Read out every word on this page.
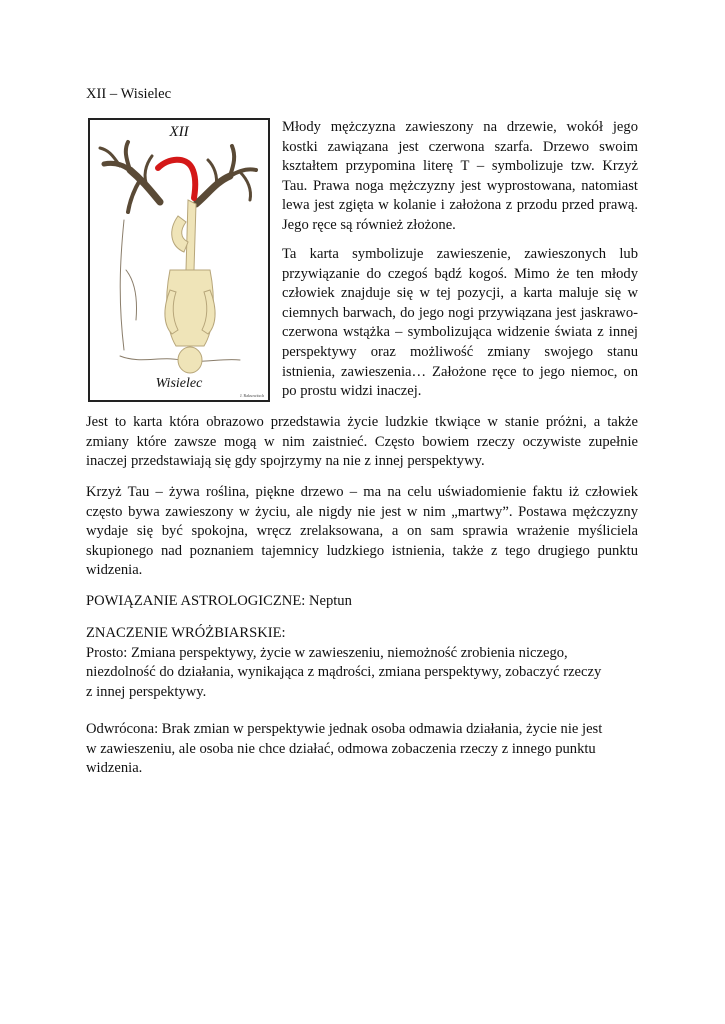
XII – Wisielec
XII
Wisielec
J. Raksowitsch

Młody mężczyzna zawieszony na drzewie, wokół jego kostki zawiązana jest czerwona szarfa. Drzewo swoim kształtem przypomina literę T – symbolizuje tzw. Krzyż Tau. Prawa noga mężczyzny jest wyprostowana, natomiast lewa jest zgięta w kolanie i założona z przodu przed prawą. Jego ręce są również złożone.

Ta karta symbolizuje zawieszenie, zawieszonych lub przywiązanie do czegoś bądź kogoś. Mimo że ten młody człowiek znajduje się w tej pozycji, a karta maluje się w ciemnych barwach, do jego nogi przywiązana jest jaskrawo-czerwona wstążka – symbolizująca widzenie świata z innej perspektywy oraz możliwość zmiany swojego stanu istnienia, zawieszenia… Założone ręce to jego niemoc, on po prostu widzi inaczej.

Jest to karta która obrazowo przedstawia życie ludzkie tkwiące w stanie próżni, a także zmiany które zawsze mogą w nim zaistnieć. Często bowiem rzeczy oczywiste zupełnie inaczej przedstawiają się gdy spojrzymy na nie z innej perspektywy.

Krzyż Tau – żywa roślina, piękne drzewo – ma na celu uświadomienie faktu iż człowiek często bywa zawieszony w życiu, ale nigdy nie jest w nim „martwy”. Postawa mężczyzny wydaje się być spokojna, wręcz zrelaksowana, a on sam sprawia wrażenie myśliciela skupionego nad poznaniem tajemnicy ludzkiego istnienia, także z tego drugiego punktu widzenia.

POWIĄZANIE ASTROLOGICZNE: Neptun
ZNACZENIE WRÓŻBIARSKIE:
Prosto: Zmiana perspektywy, życie w zawieszeniu, niemożność zrobienia niczego,
niezdolność do działania, wynikająca z mądrości, zmiana perspektywy, zobaczyć rzeczy
z innej perspektywy.
Odwrócona: Brak zmian w perspektywie jednak osoba odmawia działania, życie nie jest
w zawieszeniu, ale osoba nie chce działać, odmowa zobaczenia rzeczy z innego punktu
widzenia.
